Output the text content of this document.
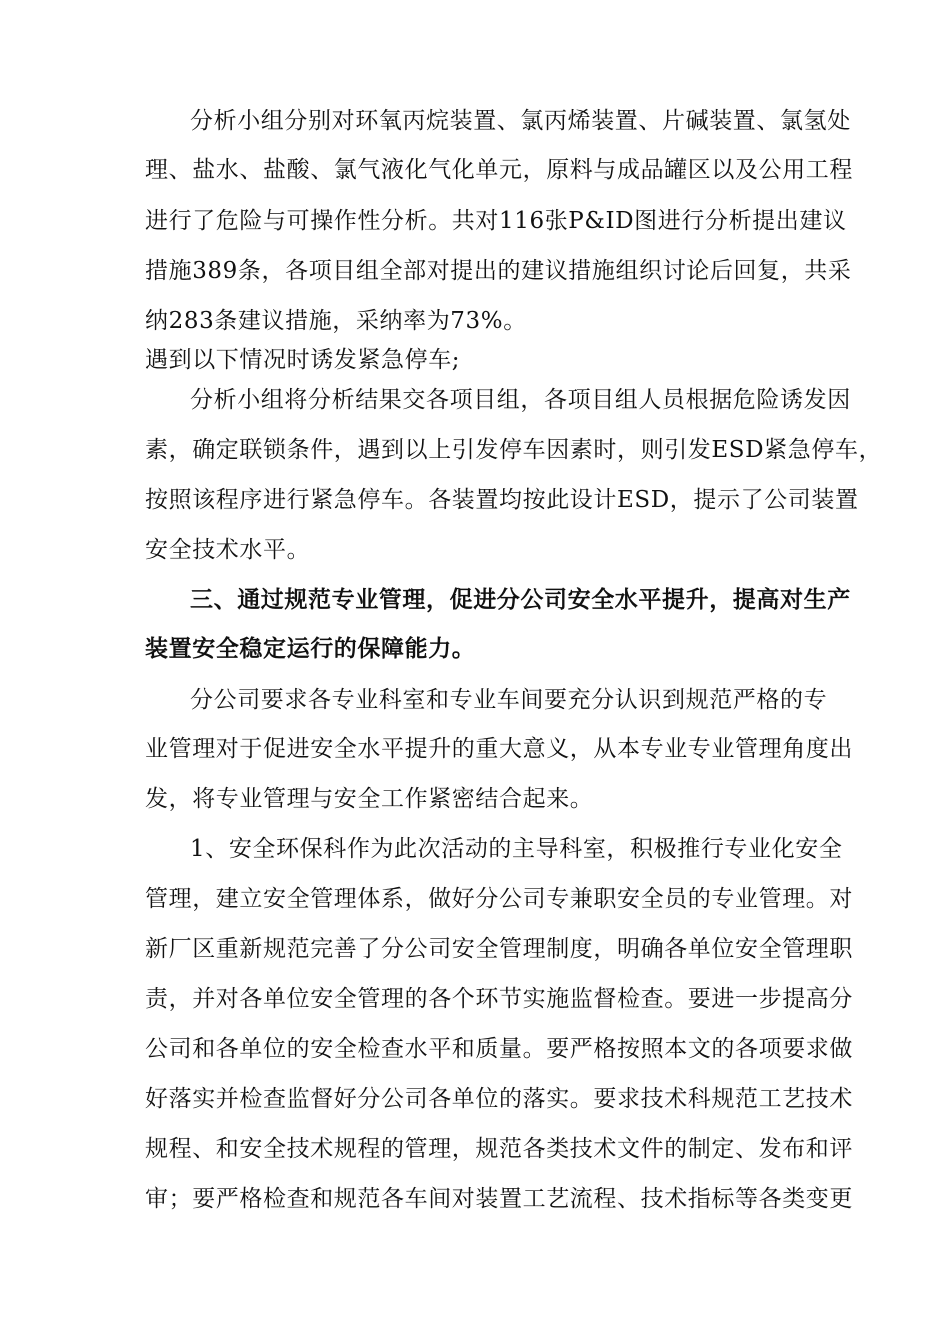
分析小组分别对环氧丙烷装置、氯丙烯装置、片碱装置、氯氢处
理、盐水、盐酸、氯气液化气化单元，原料与成品罐区以及公用工程
进行了危险与可操作性分析。共对116张P&ID图进行分析提出建议
措施389条，各项目组全部对提出的建议措施组织讨论后回复，共采
纳283条建议措施，采纳率为73%。
遇到以下情况时诱发紧急停车;
分析小组将分析结果交各项目组，各项目组人员根据危险诱发因
素，确定联锁条件，遇到以上引发停车因素时，则引发ESD紧急停车，
按照该程序进行紧急停车。各装置均按此设计ESD，提示了公司装置
安全技术水平。
三、通过规范专业管理，促进分公司安全水平提升，提高对生产
装置安全稳定运行的保障能力。
分公司要求各专业科室和专业车间要充分认识到规范严格的专
业管理对于促进安全水平提升的重大意义，从本专业专业管理角度出
发，将专业管理与安全工作紧密结合起来。
1、安全环保科作为此次活动的主导科室，积极推行专业化安全
管理，建立安全管理体系，做好分公司专兼职安全员的专业管理。对
新厂区重新规范完善了分公司安全管理制度，明确各单位安全管理职
责，并对各单位安全管理的各个环节实施监督检查。要进一步提高分
公司和各单位的安全检查水平和质量。要严格按照本文的各项要求做
好落实并检查监督好分公司各单位的落实。要求技术科规范工艺技术
规程、和安全技术规程的管理，规范各类技术文件的制定、发布和评
审；要严格检查和规范各车间对装置工艺流程、技术指标等各类变更
